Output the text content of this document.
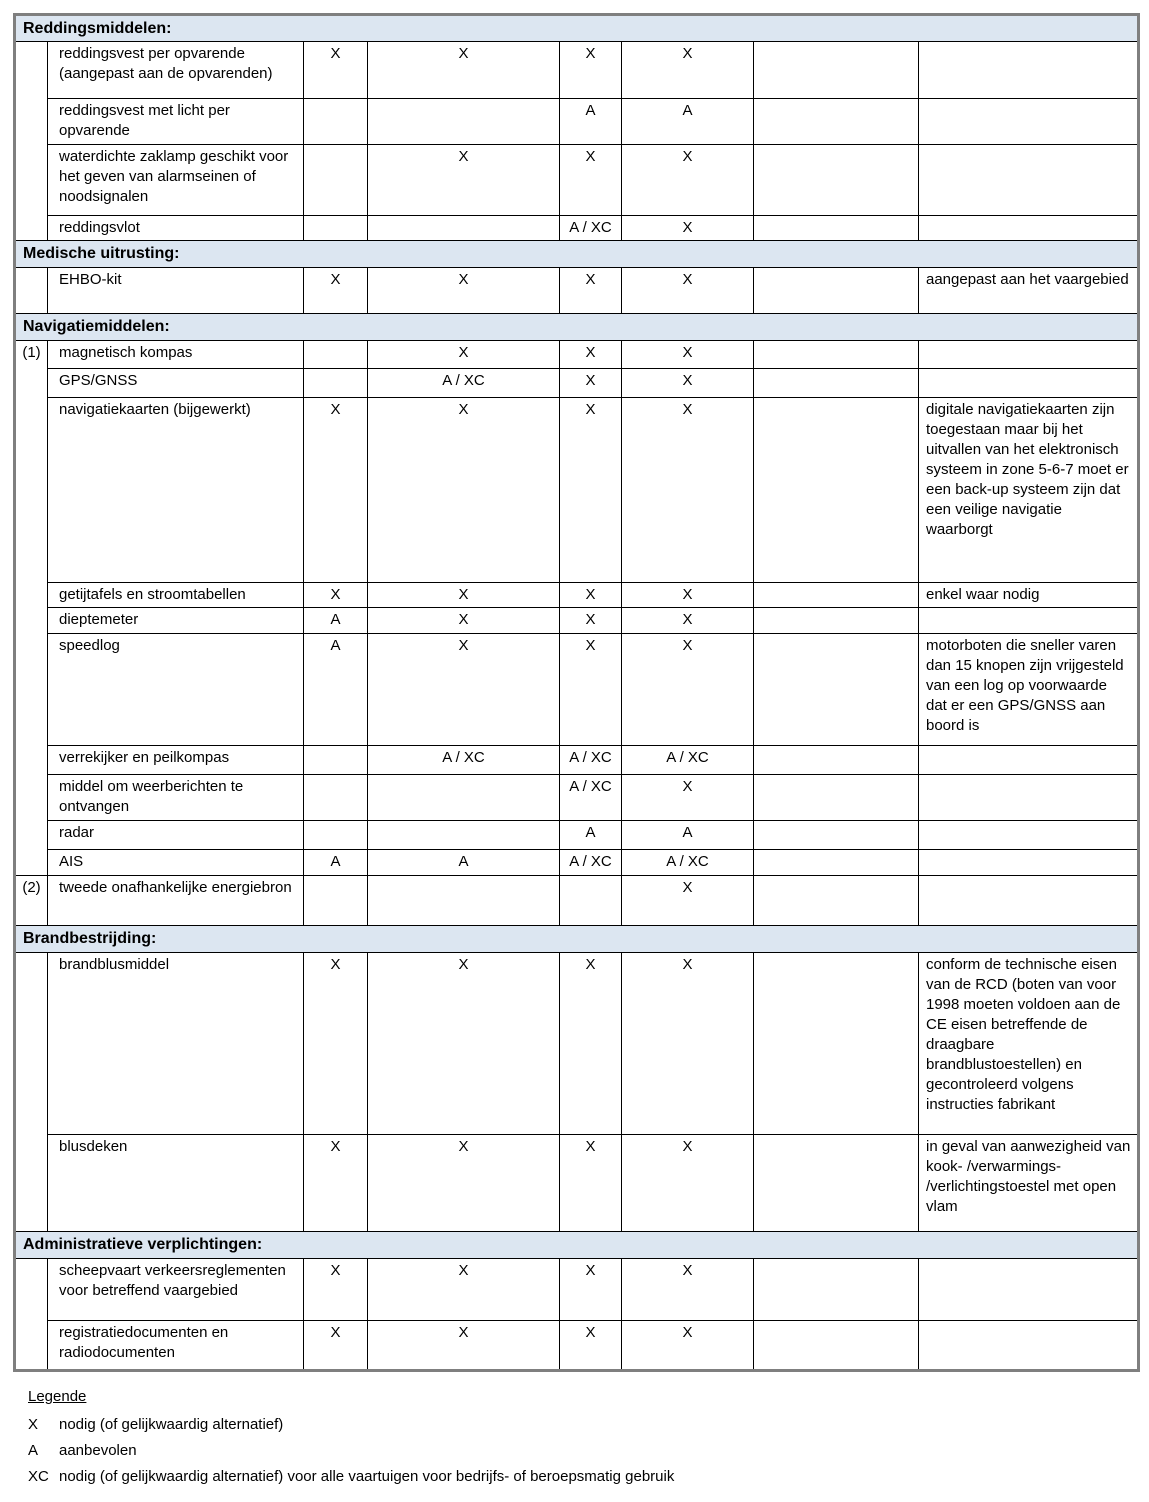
Reddingsmiddelen:							
	reddingsvest per opvarende (aangepast aan de opvarenden)	X	X	X	X		
	reddingsvest met licht per opvarende			A	A		
	waterdichte zaklamp geschikt voor het geven van alarmseinen of noodsignalen		X	X	X		
	reddingsvlot			A / XC	X		
Medische uitrusting:							
	EHBO-kit	X	X	X	X		aangepast aan het vaargebied
Navigatiemiddelen:							
(1)	magnetisch kompas		X	X	X		
	GPS/GNSS		A / XC	X	X		
	navigatiekaarten (bijgewerkt)	X	X	X	X		digitale navigatiekaarten zijn toegestaan maar bij het uitvallen van het elektronisch systeem in zone 5-6-7 moet er een back-up systeem zijn dat een veilige navigatie waarborgt
	getijtafels en stroomtabellen	X	X	X	X		enkel waar nodig
	dieptemeter	A	X	X	X		
	speedlog	A	X	X	X		motorboten die sneller varen dan 15 knopen zijn vrijgesteld van een log op voorwaarde dat er een GPS/GNSS aan boord is
	verrekijker en peilkompas		A / XC	A / XC	A / XC		
	middel om weerberichten te ontvangen			A / XC	X		
	radar			A	A		
	AIS	A	A	A / XC	A / XC		
(2)	tweede onafhankelijke energiebron				X		
Brandbestrijding:							
	brandblusmiddel	X	X	X	X		conform de technische eisen van de RCD (boten van voor 1998 moeten voldoen aan de CE eisen betreffende de draagbare brandblustoestellen) en gecontroleerd volgens instructies fabrikant
	blusdeken	X	X	X	X		in geval van aanwezigheid van kook- /verwarmings- /verlichtingstoestel met open vlam
Administratieve verplichtingen:							
	scheepvaart verkeersreglementen voor betreffend vaargebied	X	X	X	X		
	registratiedocumenten en radiodocumenten	X	X	X	X		
Legende
X	nodig (of gelijkwaardig alternatief)
A	aanbevolen
XC nodig (of gelijkwaardig alternatief) voor alle vaartuigen voor bedrijfs- of beroepsmatig gebruik
